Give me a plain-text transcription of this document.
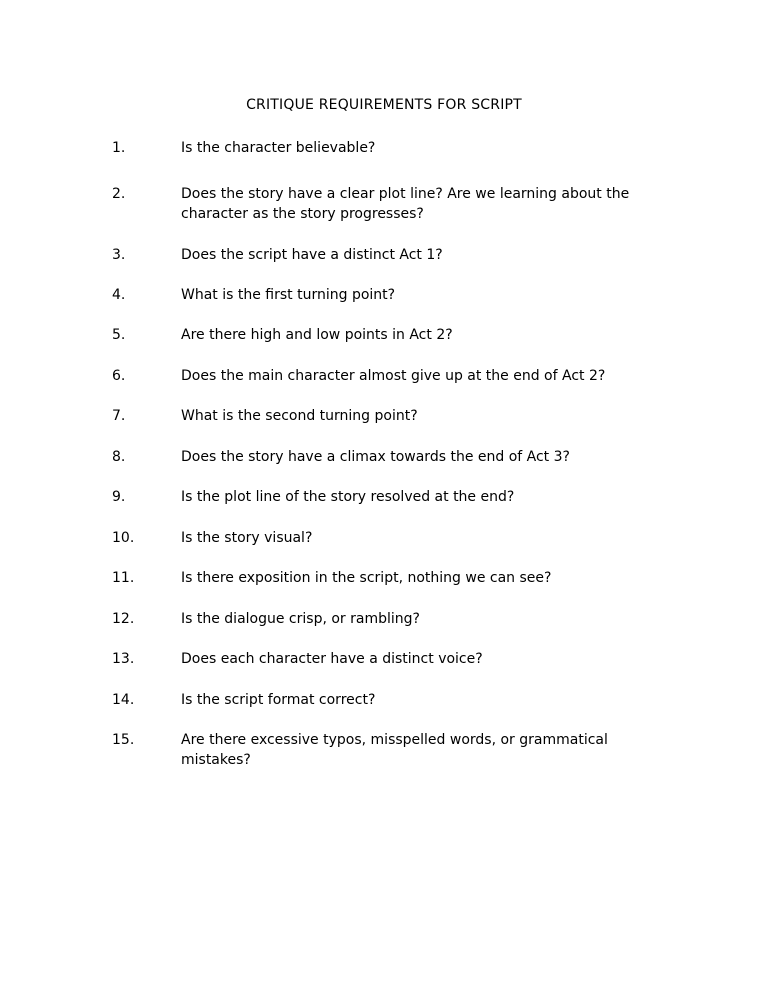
CRITIQUE REQUIREMENTS FOR SCRIPT
1.	Is the character believable?
2.	Does the story have a clear plot line? Are we learning about the character as the story progresses?
3.	Does the script have a distinct Act 1?
4.	What is the first turning point?
5.	Are there high and low points in Act 2?
6.	Does the main character almost give up at the end of Act 2?
7.	What is the second turning point?
8.	Does the story have a climax towards the end of Act 3?
9.	Is the plot line of the story resolved at the end?
10.	Is the story visual?
11.	Is there exposition in the script, nothing we can see?
12.	Is the dialogue crisp, or rambling?
13.	Does each character have a distinct voice?
14.	Is the script format correct?
15.	Are there excessive typos, misspelled words, or grammatical mistakes?
